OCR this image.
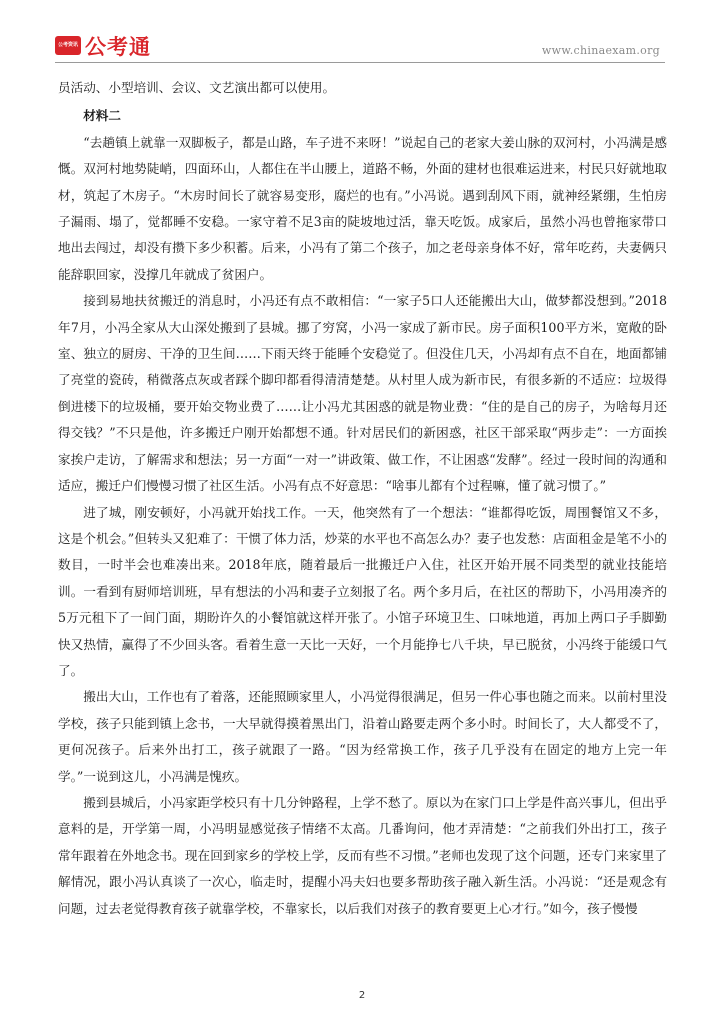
公考资讯 公考通	www.chinaexam.org

员活动、小型培训、会议、文艺演出都可以使用。

材料二

“去趟镇上就靠一双脚板子，都是山路，车子进不来呀！”说起自己的老家大姜山脉的双河村，小冯满是感慨。双河村地势陡峭，四面环山，人都住在半山腰上，道路不畅，外面的建材也很难运进来，村民只好就地取材，筑起了木房子。“木房时间长了就容易变形，腐烂的也有。”小冯说。遇到刮风下雨，就神经紧绷，生怕房子漏雨、塌了，觉都睡不安稳。一家守着不足3亩的陡坡地过活，靠天吃饭。成家后，虽然小冯也曾拖家带口地出去闯过，却没有攒下多少积蓄。后来，小冯有了第二个孩子，加之老母亲身体不好，常年吃药，夫妻俩只能辞职回家，没撑几年就成了贫困户。

接到易地扶贫搬迁的消息时，小冯还有点不敢相信：“一家子5口人还能搬出大山，做梦都没想到。”2018年7月，小冯全家从大山深处搬到了县城。挪了穷窝，小冯一家成了新市民。房子面积100平方米，宽敞的卧室、独立的厨房、干净的卫生间……下雨天终于能睡个安稳觉了。但没住几天，小冯却有点不自在，地面都铺了亮堂的瓷砖，稍微落点灰或者踩个脚印都看得清清楚楚。从村里人成为新市民，有很多新的不适应：垃圾得倒进楼下的垃圾桶，要开始交物业费了……让小冯尤其困惑的就是物业费：“住的是自己的房子，为啥每月还得交钱？”不只是他，许多搬迁户刚开始都想不通。针对居民们的新困惑，社区干部采取“两步走”：一方面挨家挨户走访，了解需求和想法；另一方面“一对一”讲政策、做工作，不让困惑“发酵”。经过一段时间的沟通和适应，搬迁户们慢慢习惯了社区生活。小冯有点不好意思：“啥事儿都有个过程嘛，懂了就习惯了。”

进了城，刚安顿好，小冯就开始找工作。一天，他突然有了一个想法：“谁都得吃饭，周围餐馆又不多，这是个机会。”但转头又犯难了：干惯了体力活，炒菜的水平也不高怎么办？妻子也发愁：店面租金是笔不小的数目，一时半会也难凑出来。2018年底，随着最后一批搬迁户入住，社区开始开展不同类型的就业技能培训。一看到有厨师培训班，早有想法的小冯和妻子立刻报了名。两个多月后，在社区的帮助下，小冯用凑齐的5万元租下了一间门面，期盼许久的小餐馆就这样开张了。小馆子环境卫生、口味地道，再加上两口子手脚勤快又热情，赢得了不少回头客。看着生意一天比一天好，一个月能挣七八千块，早已脱贫，小冯终于能缓口气了。

搬出大山，工作也有了着落，还能照顾家里人，小冯觉得很满足，但另一件心事也随之而来。以前村里没学校，孩子只能到镇上念书，一大早就得摸着黑出门，沿着山路要走两个多小时。时间长了，大人都受不了，更何况孩子。后来外出打工，孩子就跟了一路。“因为经常换工作，孩子几乎没有在固定的地方上完一年学。”一说到这儿，小冯满是愧疚。

搬到县城后，小冯家距学校只有十几分钟路程，上学不愁了。原以为在家门口上学是件高兴事儿，但出乎意料的是，开学第一周，小冯明显感觉孩子情绪不太高。几番询问，他才弄清楚：“之前我们外出打工，孩子常年跟着在外地念书。现在回到家乡的学校上学，反而有些不习惯。”老师也发现了这个问题，还专门来家里了解情况，跟小冯认真谈了一次心，临走时，提醒小冯夫妇也要多帮助孩子融入新生活。小冯说：“还是观念有问题，过去老觉得教育孩子就靠学校，不靠家长，以后我们对孩子的教育要更上心才行。”如今，孩子慢慢

2
